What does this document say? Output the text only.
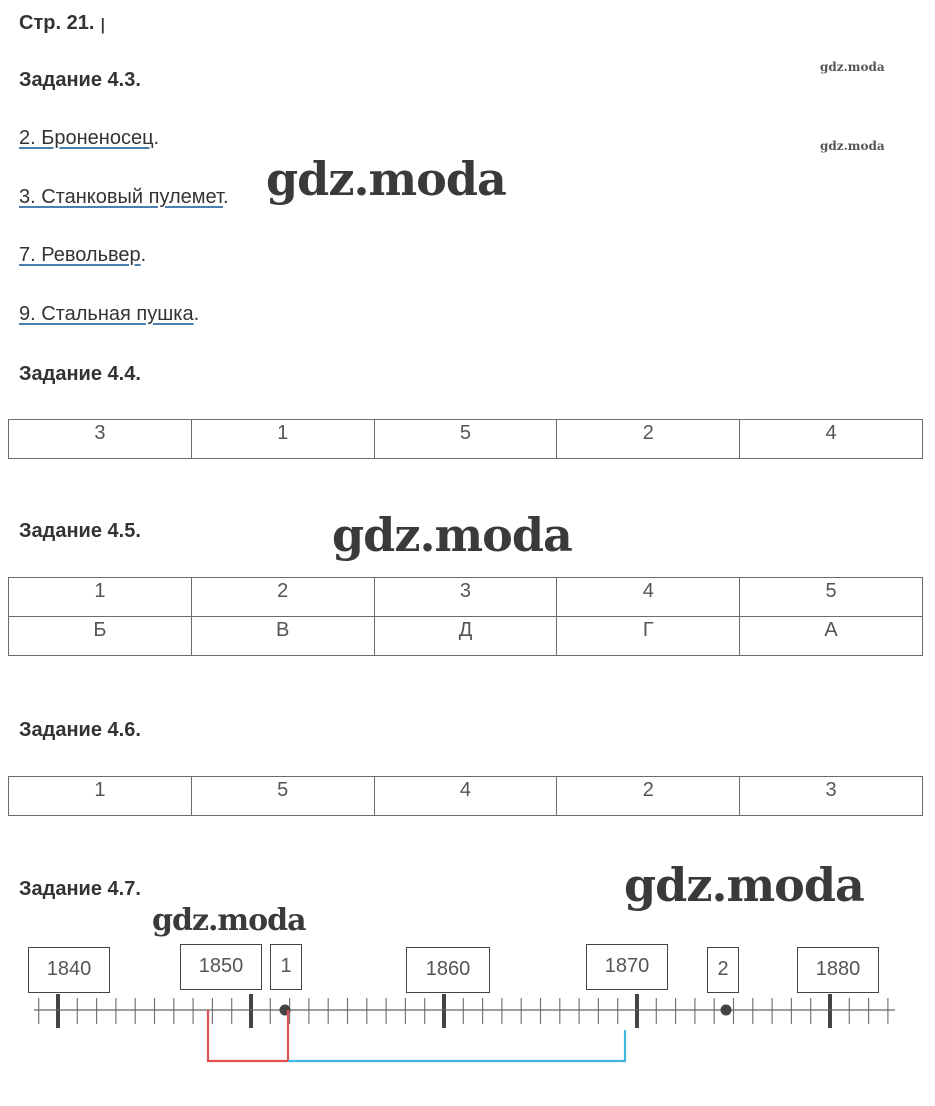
Стр. 21. ꞁ
gdz.moda
gdz.moda
Задание 4.3.
2. Броненосец.
3. Станковый пулемет.
7. Револьвер.
9. Стальная пушка.
gdz.moda
Задание 4.4.
3	1	5	2	4
Задание 4.5.	gdz.moda
1	2	3	4	5
Б	В	Д	Г	А
Задание 4.6.
1	5	4	2	3
Задание 4.7.	gdz.moda
gdz.moda
1840	1850	1	1860	1870	2	1880
